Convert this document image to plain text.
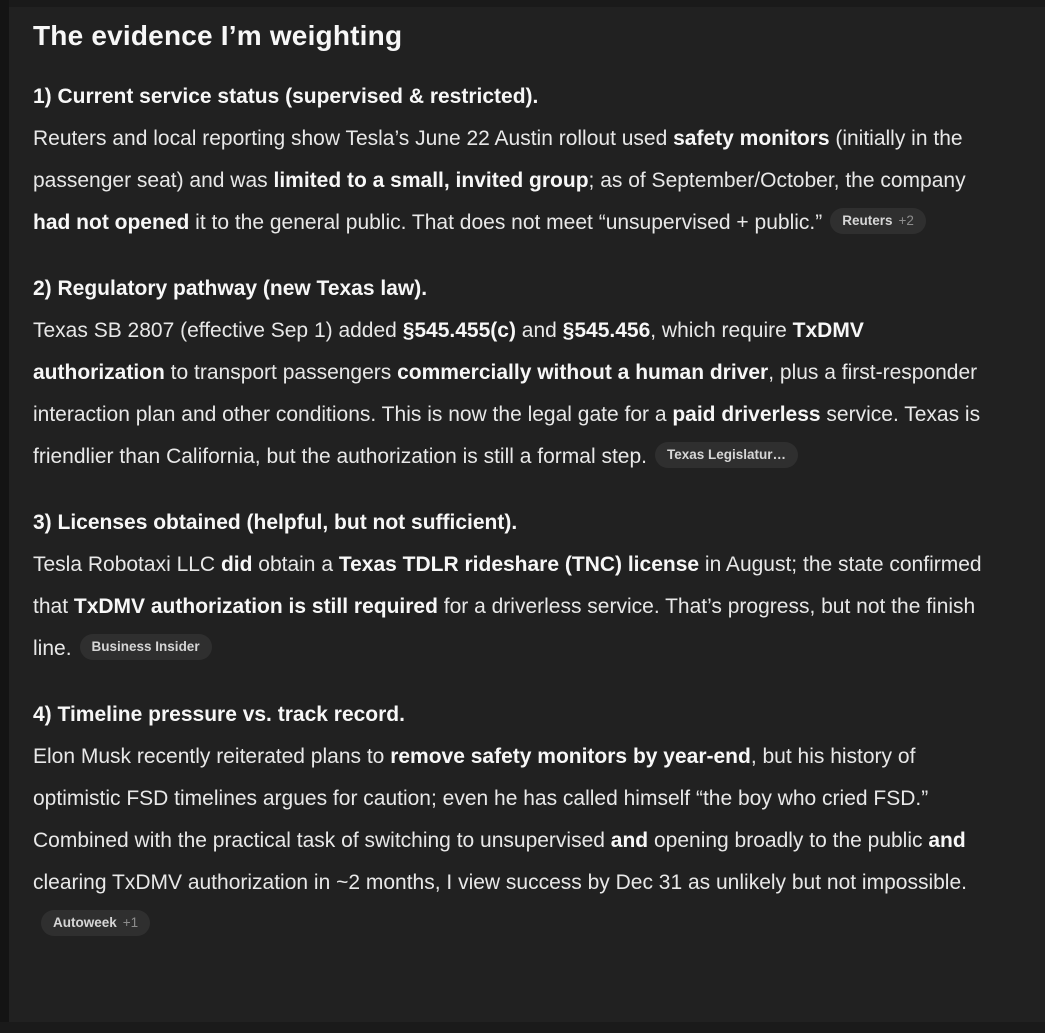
The evidence I’m weighting

1) Current service status (supervised & restricted).
Reuters and local reporting show Tesla’s June 22 Austin rollout used safety monitors (initially in the passenger seat) and was limited to a small, invited group; as of September/October, the company had not opened it to the general public. That does not meet “unsupervised + public.” Reuters +2

2) Regulatory pathway (new Texas law).
Texas SB 2807 (effective Sep 1) added §545.455(c) and §545.456, which require TxDMV authorization to transport passengers commercially without a human driver, plus a first-responder interaction plan and other conditions. This is now the legal gate for a paid driverless service. Texas is friendlier than California, but the authorization is still a formal step. Texas Legislatur…

3) Licenses obtained (helpful, but not sufficient).
Tesla Robotaxi LLC did obtain a Texas TDLR rideshare (TNC) license in August; the state confirmed that TxDMV authorization is still required for a driverless service. That’s progress, but not the finish line. Business Insider

4) Timeline pressure vs. track record.
Elon Musk recently reiterated plans to remove safety monitors by year-end, but his history of optimistic FSD timelines argues for caution; even he has called himself “the boy who cried FSD.” Combined with the practical task of switching to unsupervised and opening broadly to the public and clearing TxDMV authorization in ~2 months, I view success by Dec 31 as unlikely but not impossible.
Autoweek +1
